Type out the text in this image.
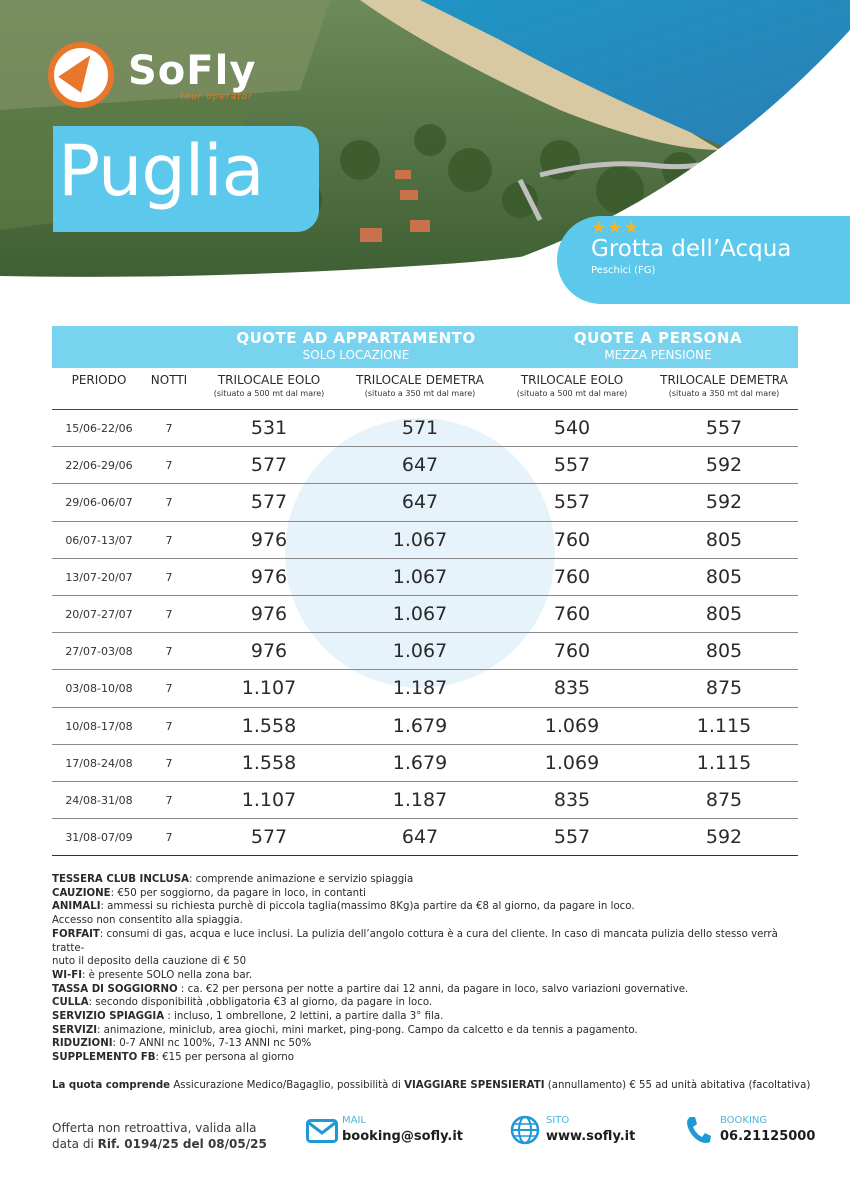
SoFly
tour operator
Puglia
★★★
Grotta dell’Acqua
Peschici (FG)
QUOTE AD APPARTAMENTO
SOLO LOCAZIONE
QUOTE A PERSONA
MEZZA PENSIONE
PERIODO	NOTTI	TRILOCALE EOLO
(situato a 500 mt dal mare)
TRILOCALE DEMETRA
(situato a 350 mt dal mare)
TRILOCALE EOLO
(situato a 500 mt dal mare)
TRILOCALE DEMETRA
(situato a 350 mt dal mare)
15/06-22/06	7	531	571	540	557
22/06-29/06	7	577	647	557	592
29/06-06/07	7	577	647	557	592
06/07-13/07	7	976	1.067	760	805
13/07-20/07	7	976	1.067	760	805
20/07-27/07	7	976	1.067	760	805
27/07-03/08	7	976	1.067	760	805
03/08-10/08	7	1.107	1.187	835	875
10/08-17/08	7	1.558	1.679	1.069	1.115
17/08-24/08	7	1.558	1.679	1.069	1.115
24/08-31/08	7	1.107	1.187	835	875
31/08-07/09	7	577	647	557	592
TESSERA CLUB INCLUSA: comprende animazione e servizio spiaggia
CAUZIONE: €50 per soggiorno, da pagare in loco, in contanti
ANIMALI: ammessi su richiesta purchè di piccola taglia(massimo 8Kg)a partire da €8 al giorno, da pagare in loco.
Accesso non consentito alla spiaggia.
FORFAIT: consumi di gas, acqua e luce inclusi. La pulizia dell’angolo cottura è a cura del cliente. In caso di mancata pulizia dello stesso verrà tratte-
nuto il deposito della cauzione di € 50
WI-FI: è presente SOLO nella zona bar.
TASSA DI SOGGIORNO : ca. €2 per persona per notte a partire dai 12 anni, da pagare in loco, salvo variazioni governative.
CULLA: secondo disponibilità ,obbligatoria €3 al giorno, da pagare in loco.
SERVIZIO SPIAGGIA : incluso, 1 ombrellone, 2 lettini, a partire dalla 3° fila.
SERVIZI: animazione, miniclub, area giochi, mini market, ping-pong. Campo da calcetto e da tennis a pagamento.
RIDUZIONI: 0-7 ANNI nc 100%, 7-13 ANNI nc 50%
SUPPLEMENTO FB: €15 per persona al giorno
La quota comprende Assicurazione Medico/Bagaglio, possibilità di VIAGGIARE SPENSIERATI (annullamento) € 55 ad unità abitativa (facoltativa)
Offerta non retroattiva, valida alla
data di Rif. 0194/25 del 08/05/25
MAIL
booking@sofly.it
SITO
www.sofly.it
BOOKING
06.21125000
